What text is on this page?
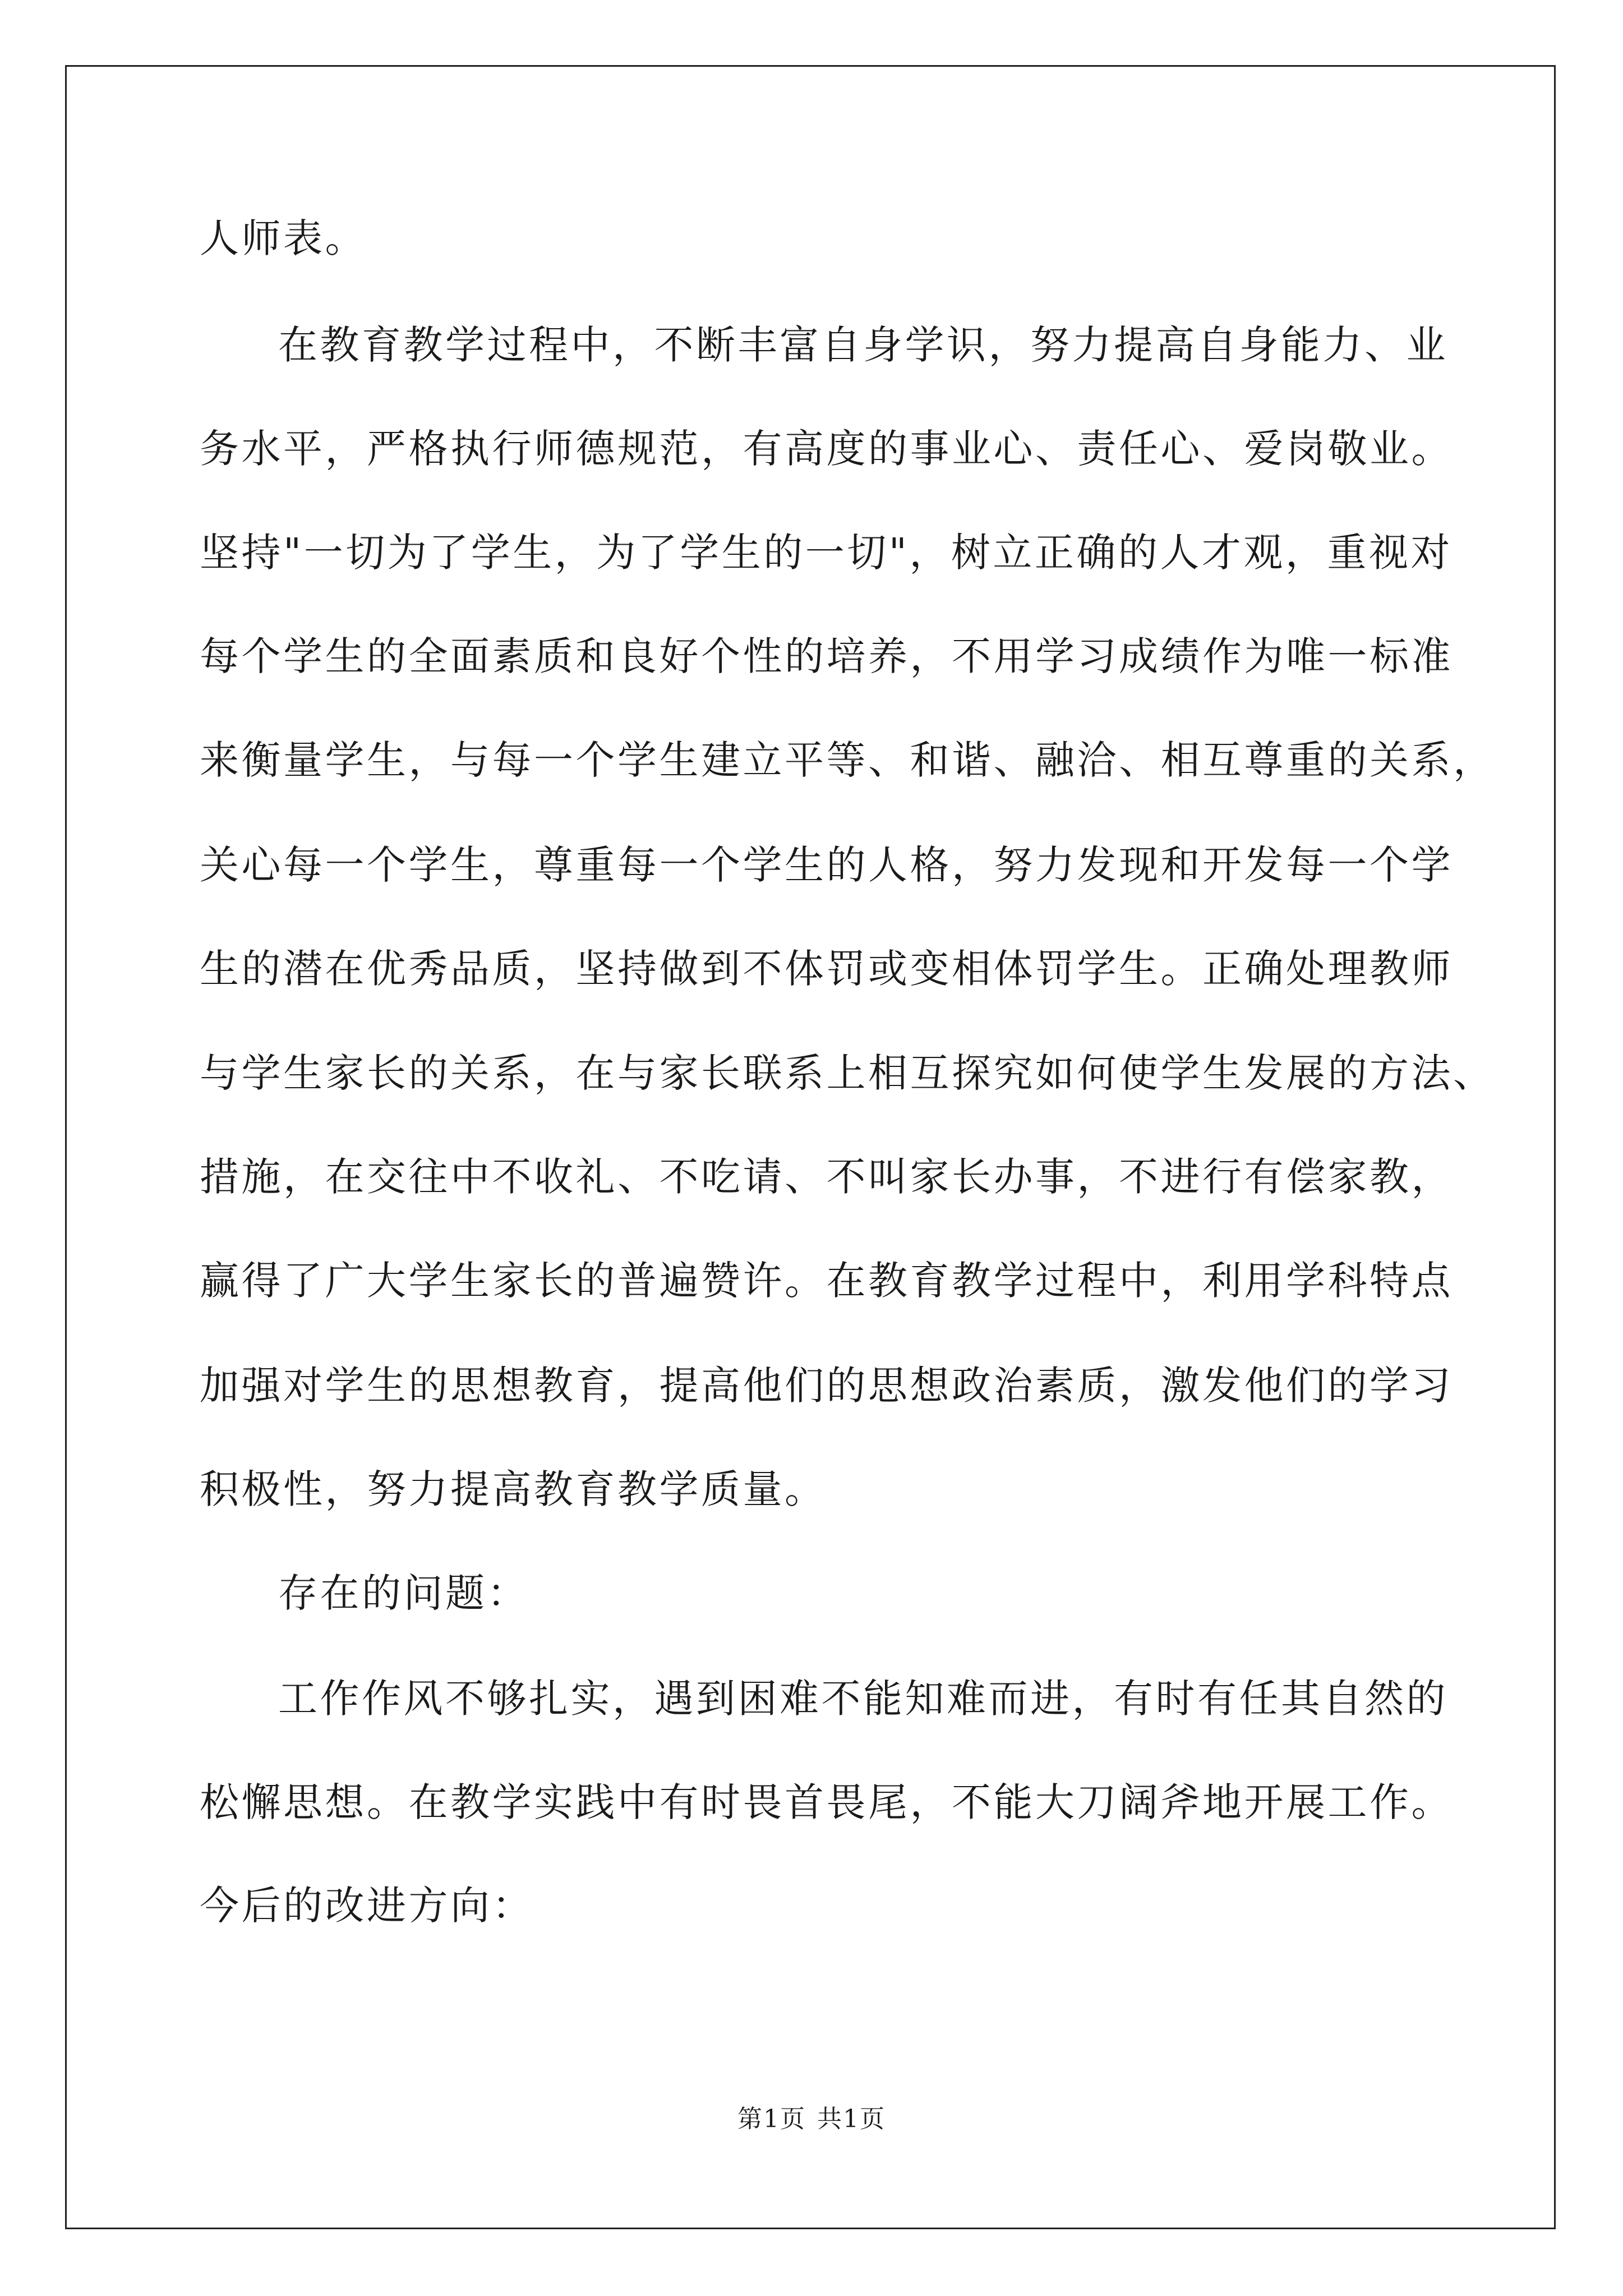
人师表。
在教育教学过程中，不断丰富自身学识，努力提高自身能力、业
务水平，严格执行师德规范，有高度的事业心、责任心、爱岗敬业。
坚持"一切为了学生，为了学生的一切"，树立正确的人才观，重视对
每个学生的全面素质和良好个性的培养，不用学习成绩作为唯一标准
来衡量学生，与每一个学生建立平等、和谐、融洽、相互尊重的关系，
关心每一个学生，尊重每一个学生的人格，努力发现和开发每一个学
生的潜在优秀品质，坚持做到不体罚或变相体罚学生。正确处理教师
与学生家长的关系，在与家长联系上相互探究如何使学生发展的方法、
措施，在交往中不收礼、不吃请、不叫家长办事，不进行有偿家教，
赢得了广大学生家长的普遍赞许。在教育教学过程中，利用学科特点
加强对学生的思想教育，提高他们的思想政治素质，激发他们的学习
积极性，努力提高教育教学质量。
存在的问题：
工作作风不够扎实，遇到困难不能知难而进，有时有任其自然的
松懈思想。在教学实践中有时畏首畏尾，不能大刀阔斧地开展工作。
今后的改进方向：
第1页 共1页
